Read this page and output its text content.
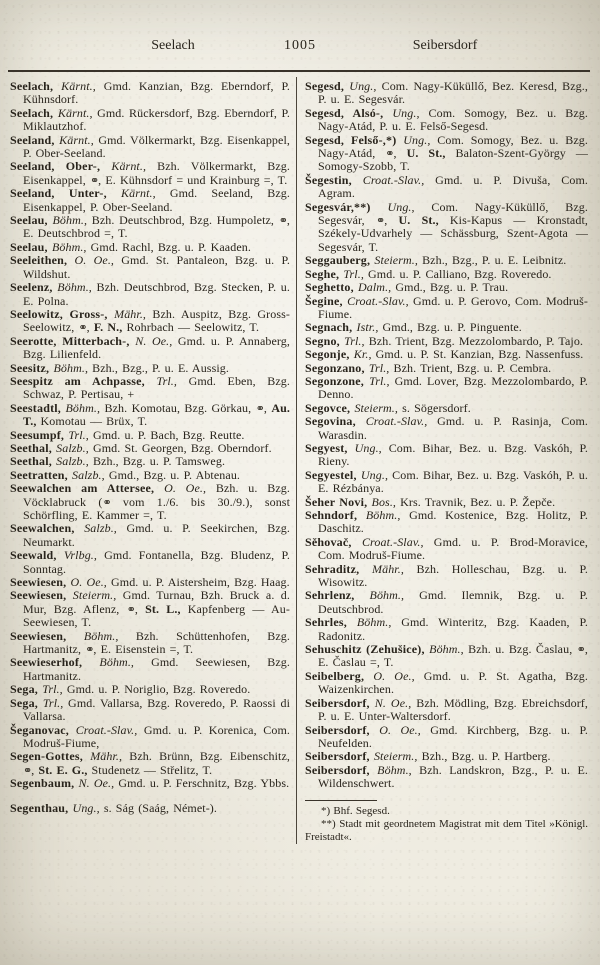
Seelach	1005	Seibersdorf

Seelach, Kärnt., Gmd. Kanzian, Bzg. Eberndorf, P. Kühnsdorf.

Seelach, Kärnt., Gmd. Rückersdorf, Bzg. Eberndorf, P. Miklautzhof.

Seeland, Kärnt., Gmd. Völkermarkt, Bzg. Eisenkappel, P. Ober-Seeland.

Seeland, Ober-, Kärnt., Bzh. Völkermarkt, Bzg. Eisenkappel, ⚭, E. Kühnsdorf = und Krainburg =, T.

Seeland, Unter-, Kärnt., Gmd. Seeland, Bzg. Eisenkappel, P. Ober-Seeland.

Seelau, Böhm., Bzh. Deutschbrod, Bzg. Humpoletz, ⚭, E. Deutschbrod =, T.

Seelau, Böhm., Gmd. Rachl, Bzg. u. P. Kaaden.

Seeleithen, O. Oe., Gmd. St. Pantaleon, Bzg. u. P. Wildshut.

Seelenz, Böhm., Bzh. Deutschbrod, Bzg. Stecken, P. u. E. Polna.

Seelowitz, Gross-, Mähr., Bzh. Auspitz, Bzg. Gross-Seelowitz, ⚭, F. N., Rohrbach — Seelowitz, T.

Seerotte, Mitterbach-, N. Oe., Gmd. u. P. Annaberg, Bzg. Lilienfeld.

Seesitz, Böhm., Bzh., Bzg., P. u. E. Aussig.

Seespitz am Achpasse, Trl., Gmd. Eben, Bzg. Schwaz, P. Pertisau, +

Seestadtl, Böhm., Bzh. Komotau, Bzg. Görkau, ⚭, Au. T., Komotau — Brüx, T.

Seesumpf, Trl., Gmd. u. P. Bach, Bzg. Reutte.

Seethal, Salzb., Gmd. St. Georgen, Bzg. Oberndorf.

Seethal, Salzb., Bzh., Bzg. u. P. Tamsweg.

Seetratten, Salzb., Gmd., Bzg. u. P. Abtenau.

Seewalchen am Attersee, O. Oe., Bzh. u. Bzg. Vöcklabruck (⚭ vom 1./6. bis 30./9.), sonst Schörfling, E. Kammer =, T.

Seewalchen, Salzb., Gmd. u. P. Seekirchen, Bzg. Neumarkt.

Seewald, Vrlbg., Gmd. Fontanella, Bzg. Bludenz, P. Sonntag.

Seewiesen, O. Oe., Gmd. u. P. Aistersheim, Bzg. Haag.

Seewiesen, Steierm., Gmd. Turnau, Bzh. Bruck a. d. Mur, Bzg. Aflenz, ⚭, St. L., Kapfenberg — Au-Seewiesen, T.

Seewiesen, Böhm., Bzh. Schüttenhofen, Bzg. Hartmanitz, ⚭, E. Eisenstein =, T.

Seewieserhof, Böhm., Gmd. Seewiesen, Bzg. Hartmanitz.

Sega, Trl., Gmd. u. P. Noriglio, Bzg. Roveredo.

Sega, Trl., Gmd. Vallarsa, Bzg. Roveredo, P. Raossi di Vallarsa.

Šeganovac, Croat.-Slav., Gmd. u. P. Korenica, Com. Modruš-Fiume,

Segen-Gottes, Mähr., Bzh. Brünn, Bzg. Eibenschitz, ⚭, St. E. G., Studenetz — Střelitz, T.

Segenbaum, N. Oe., Gmd. u. P. Ferschnitz, Bzg. Ybbs.

Segenthau, Ung., s. Ság (Saág, Német-).

Segesd, Ung., Com. Nagy-Küküllő, Bez. Keresd, Bzg., P. u. E. Segesvár.

Segesd, Alsó-, Ung., Com. Somogy, Bez. u. Bzg. Nagy-Atád, P. u. E. Felső-Segesd.

Segesd, Felső-,*) Ung., Com. Somogy, Bez. u. Bzg. Nagy-Atád, ⚭, U. St., Balaton-Szent-György — Somogy-Szobb, T.

Šegestin, Croat.-Slav., Gmd. u. P. Divuša, Com. Agram.

Segesvár,**) Ung., Com. Nagy-Küküllő, Bzg. Segesvár, ⚭, U. St., Kis-Kapus — Kronstadt, Székely-Udvarhely — Schässburg, Szent-Agota — Segesvár, T.

Seggauberg, Steierm., Bzh., Bzg., P. u. E. Leibnitz.

Seghe, Trl., Gmd. u. P. Calliano, Bzg. Roveredo.

Seghetto, Dalm., Gmd., Bzg. u. P. Trau.

Šegine, Croat.-Slav., Gmd. u. P. Gerovo, Com. Modruš-Fiume.

Segnach, Istr., Gmd., Bzg. u. P. Pinguente.

Segno, Trl., Bzh. Trient, Bzg. Mezzolombardo, P. Tajo.

Segonje, Kr., Gmd. u. P. St. Kanzian, Bzg. Nassenfuss.

Segonzano, Trl., Bzh. Trient, Bzg. u. P. Cembra.

Segonzone, Trl., Gmd. Lover, Bzg. Mezzolombardo, P. Denno.

Segovce, Steierm., s. Sögersdorf.

Segovina, Croat.-Slav., Gmd. u. P. Rasinja, Com. Warasdin.

Segyest, Ung., Com. Bihar, Bez. u. Bzg. Vaskóh, P. Rieny.

Segyestel, Ung., Com. Bihar, Bez. u. Bzg. Vaskóh, P. u. E. Rézbánya.

Šeher Novi, Bos., Krs. Travnik, Bez. u. P. Žepče.

Sehndorf, Böhm., Gmd. Kostenice, Bzg. Holitz, P. Daschitz.

Sěhovač, Croat.-Slav., Gmd. u. P. Brod-Moravice, Com. Modruš-Fiume.

Sehraditz, Mähr., Bzh. Holleschau, Bzg. u. P. Wisowitz.

Sehrlenz, Böhm., Gmd. Ilemnik, Bzg. u. P. Deutschbrod.

Sehrles, Böhm., Gmd. Winteritz, Bzg. Kaaden, P. Radonitz.

Sehuschitz (Zehušice), Böhm., Bzh. u. Bzg. Časlau, ⚭, E. Časlau =, T.

Seibelberg, O. Oe., Gmd. u. P. St. Agatha, Bzg. Waizenkirchen.

Seibersdorf, N. Oe., Bzh. Mödling, Bzg. Ebreichsdorf, P. u. E. Unter-Waltersdorf.

Seibersdorf, O. Oe., Gmd. Kirchberg, Bzg. u. P. Neufelden.

Seibersdorf, Steierm., Bzh., Bzg. u. P. Hartberg.

Seibersdorf, Böhm., Bzh. Landskron, Bzg., P. u. E. Wildenschwert.

*) Bhf. Segesd.

**) Stadt mit geordnetem Magistrat mit dem Titel »Königl. Freistadt«.
